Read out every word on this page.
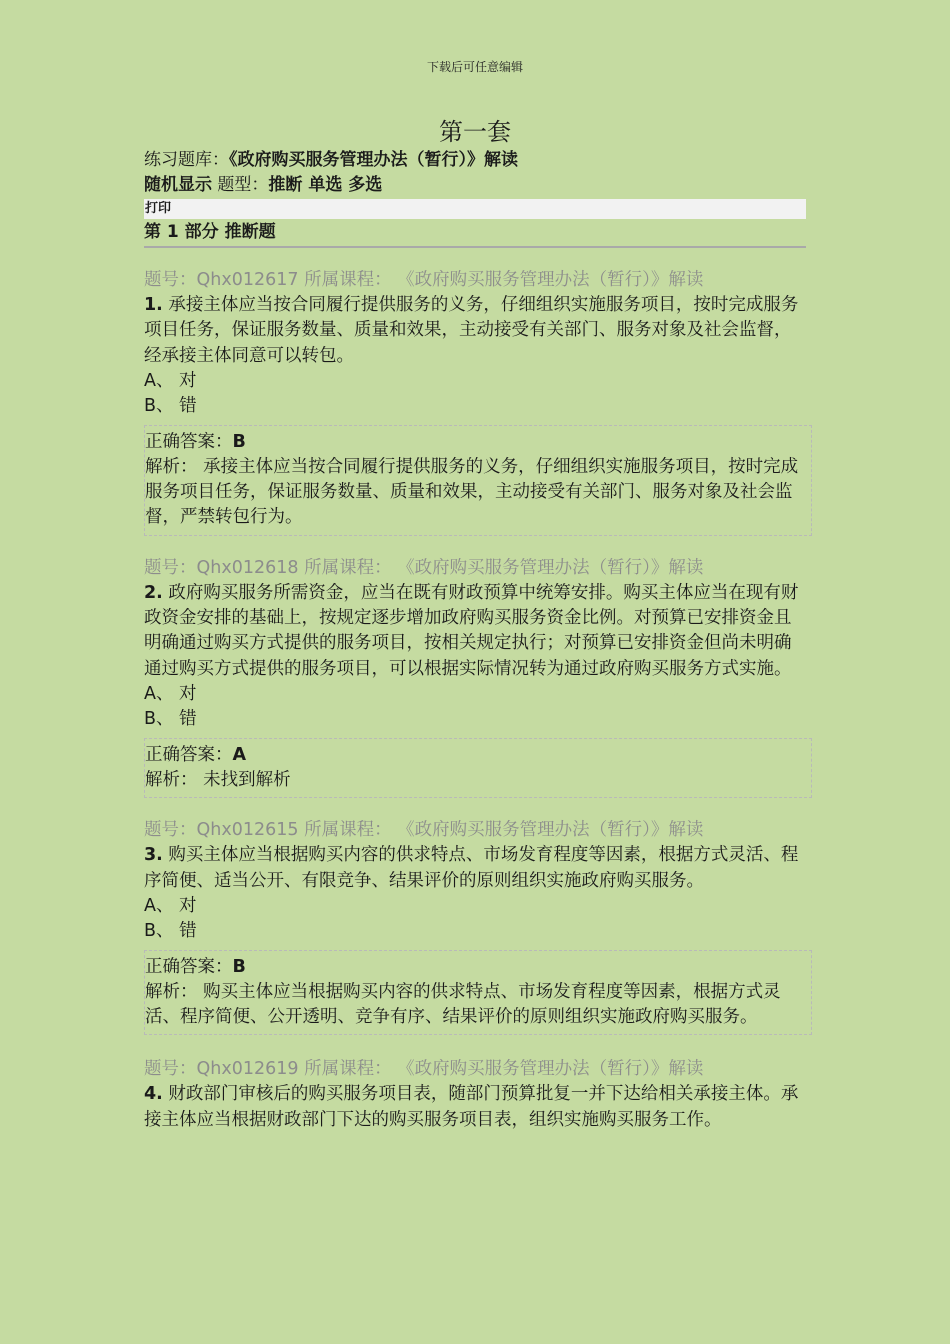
下载后可任意编辑
第一套
练习题库：《政府购买服务管理办法（暂行）》解读
随机显示 题型：推断 单选 多选
打印
第 1 部分 推断题
题号：Qhx012617 所属课程： 《政府购买服务管理办法（暂行）》解读
1. 承接主体应当按合同履行提供服务的义务，仔细组织实施服务项目，按时完成服务项目任务，保证服务数量、质量和效果，主动接受有关部门、服务对象及社会监督，经承接主体同意可以转包。
A、 对
B、 错
正确答案：B
解析： 承接主体应当按合同履行提供服务的义务，仔细组织实施服务项目，按时完成服务项目任务，保证服务数量、质量和效果，主动接受有关部门、服务对象及社会监督，严禁转包行为。
题号：Qhx012618 所属课程： 《政府购买服务管理办法（暂行）》解读
2. 政府购买服务所需资金，应当在既有财政预算中统筹安排。购买主体应当在现有财政资金安排的基础上，按规定逐步增加政府购买服务资金比例。对预算已安排资金且明确通过购买方式提供的服务项目，按相关规定执行；对预算已安排资金但尚未明确通过购买方式提供的服务项目，可以根据实际情况转为通过政府购买服务方式实施。
A、 对
B、 错
正确答案：A
解析： 未找到解析
题号：Qhx012615 所属课程： 《政府购买服务管理办法（暂行）》解读
3. 购买主体应当根据购买内容的供求特点、市场发育程度等因素，根据方式灵活、程序简便、适当公开、有限竞争、结果评价的原则组织实施政府购买服务。
A、 对
B、 错
正确答案：B
解析： 购买主体应当根据购买内容的供求特点、市场发育程度等因素，根据方式灵活、程序简便、公开透明、竞争有序、结果评价的原则组织实施政府购买服务。
题号：Qhx012619 所属课程： 《政府购买服务管理办法（暂行）》解读
4. 财政部门审核后的购买服务项目表，随部门预算批复一并下达给相关承接主体。承接主体应当根据财政部门下达的购买服务项目表，组织实施购买服务工作。
